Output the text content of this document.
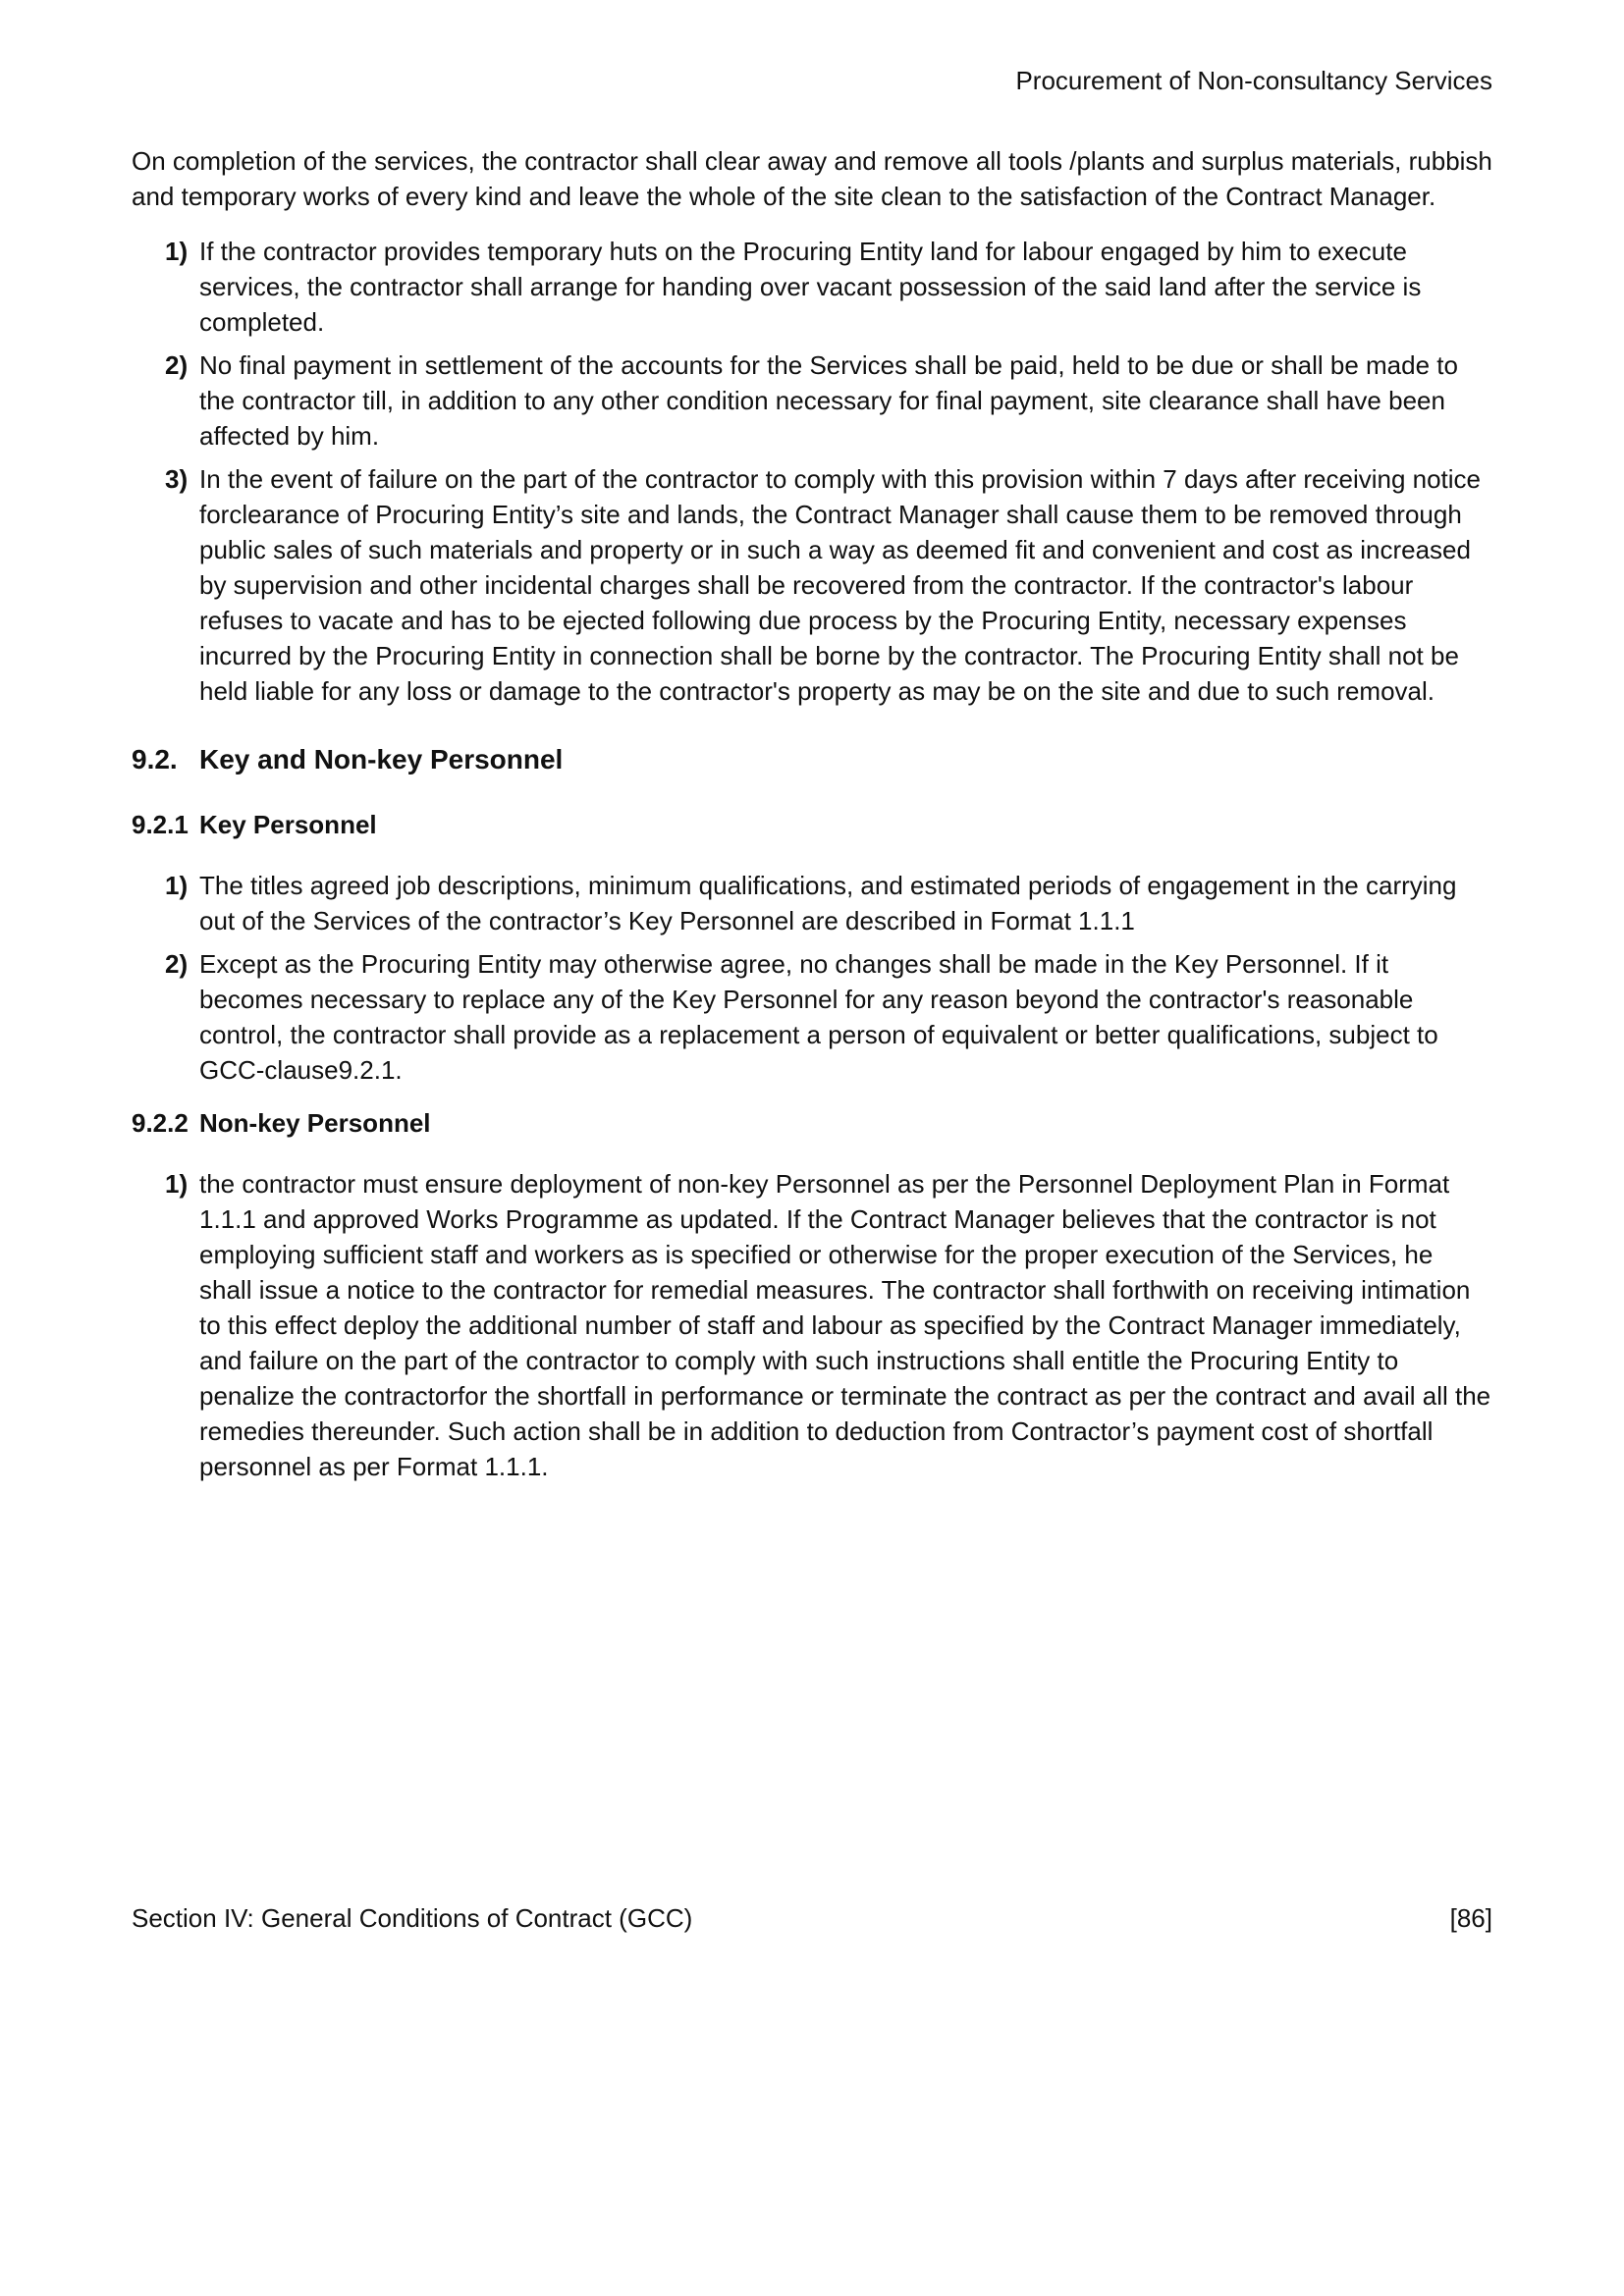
Procurement of Non-consultancy Services

On completion of the services, the contractor shall clear away and remove all tools /plants and surplus materials, rubbish and temporary works of every kind and leave the whole of the site clean to the satisfaction of the Contract Manager.

1) If the contractor provides temporary huts on the Procuring Entity land for labour engaged by him to execute services, the contractor shall arrange for handing over vacant possession of the said land after the service is completed.
2) No final payment in settlement of the accounts for the Services shall be paid, held to be due or shall be made to the contractor till, in addition to any other condition necessary for final payment, site clearance shall have been affected by him.
3) In the event of failure on the part of the contractor to comply with this provision within 7 days after receiving notice forclearance of Procuring Entity’s site and lands, the Contract Manager shall cause them to be removed through public sales of such materials and property or in such a way as deemed fit and convenient and cost as increased by supervision and other incidental charges shall be recovered from the contractor. If the contractor's labour refuses to vacate and has to be ejected following due process by the Procuring Entity, necessary expenses incurred by the Procuring Entity in connection shall be borne by the contractor. The Procuring Entity shall not be held liable for any loss or damage to the contractor's property as may be on the site and due to such removal.
9.2. Key and Non-key Personnel
9.2.1 Key Personnel
1) The titles agreed job descriptions, minimum qualifications, and estimated periods of engagement in the carrying out of the Services of the contractor’s Key Personnel are described in Format 1.1.1
2) Except as the Procuring Entity may otherwise agree, no changes shall be made in the Key Personnel. If it becomes necessary to replace any of the Key Personnel for any reason beyond the contractor's reasonable control, the contractor shall provide as a replacement a person of equivalent or better qualifications, subject to GCC-clause9.2.1.
9.2.2 Non-key Personnel
1) the contractor must ensure deployment of non-key Personnel as per the Personnel Deployment Plan in Format 1.1.1 and approved Works Programme as updated. If the Contract Manager believes that the contractor is not employing sufficient staff and workers as is specified or otherwise for the proper execution of the Services, he shall issue a notice to the contractor for remedial measures. The contractor shall forthwith on receiving intimation to this effect deploy the additional number of staff and labour as specified by the Contract Manager immediately, and failure on the part of the contractor to comply with such instructions shall entitle the Procuring Entity to penalize the contractorfor the shortfall in performance or terminate the contract as per the contract and avail all the remedies thereunder. Such action shall be in addition to deduction from Contractor’s payment cost of shortfall personnel as per Format 1.1.1.
Section IV: General Conditions of Contract (GCC)	[86]
